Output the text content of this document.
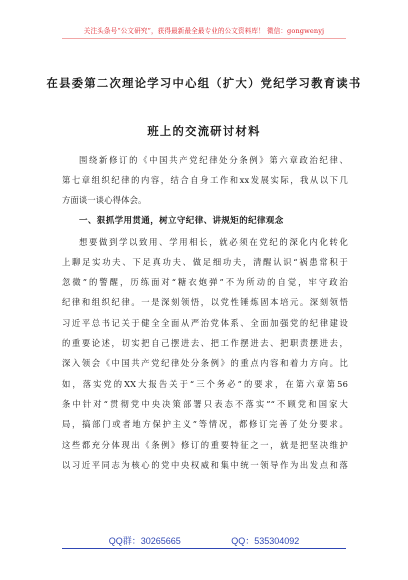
关注头条号“公文研究”，获得最新最全最专业的公文资料库！ 微信：gongwenyj
在县委第二次理论学习中心组（扩大）党纪学习教育读书
班上的交流研讨材料
围绕新修订的《中国共产党纪律处分条例》第六章政治纪律、
第七章组织纪律的内容，结合自身工作和xx发展实际，我从以下几
方面谈一谈心得体会。
一、狠抓学用贯通，树立守纪律、讲规矩的纪律观念
想要做到学以致用、学用相长，就必须在党纪的深化内化转化
上聊足实功夫、下足真功夫、做足细功夫，清醒认识“祸患常积于
忽微”的警醒，历练面对“糖衣炮弹”不为所动的自觉，牢守政治
纪律和组织纪律。一是深刻领悟，以党性锤炼固本培元。深刻领悟
习近平总书记关于健全全面从严治党体系、全面加强党的纪律建设
的重要论述，切实把自己摆进去、把工作摆进去、把职责摆进去，
深入领会《中国共产党纪律处分条例》的重点内容和着力方向。比
如，落实党的XX大报告关于“三个务必”的要求，在第六章第56
条中针对“贯彻党中央决策部署只表态不落实”“不顾党和国家大
局，搞部门或者地方保护主义”等情况，都修订完善了处分要求。
这些都充分体现出《条例》修订的重要特征之一，就是把坚决维护
以习近平同志为核心的党中央权威和集中统一领导作为出发点和落
QQ群：30265665	QQ：535304092
